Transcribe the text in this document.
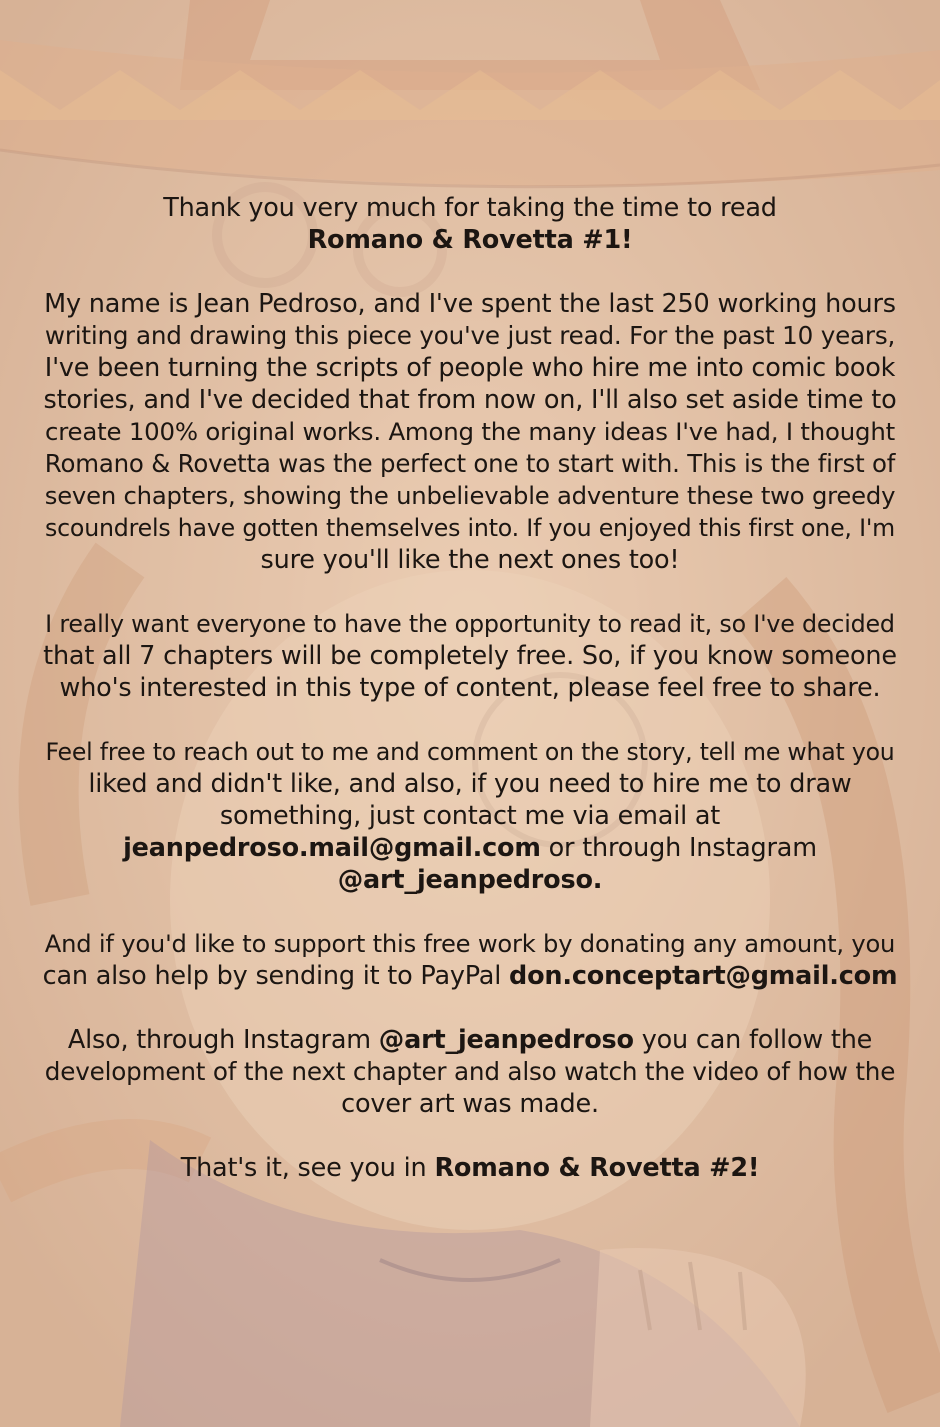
Thank you very much for taking the time to read
Romano & Rovetta #1!

My name is Jean Pedroso, and I've spent the last 250 working hours
writing and drawing this piece you've just read. For the past 10 years,
I've been turning the scripts of people who hire me into comic book
stories, and I've decided that from now on, I'll also set aside time to
create 100% original works. Among the many ideas I've had, I thought
Romano & Rovetta was the perfect one to start with. This is the first of
seven chapters, showing the unbelievable adventure these two greedy
scoundrels have gotten themselves into. If you enjoyed this first one, I'm
sure you'll like the next ones too!

I really want everyone to have the opportunity to read it, so I've decided
that all 7 chapters will be completely free. So, if you know someone
who's interested in this type of content, please feel free to share.

Feel free to reach out to me and comment on the story, tell me what you
liked and didn't like, and also, if you need to hire me to draw
something, just contact me via email at
jeanpedroso.mail@gmail.com or through Instagram
@art_jeanpedroso.

And if you'd like to support this free work by donating any amount, you
can also help by sending it to PayPal don.conceptart@gmail.com

Also, through Instagram @art_jeanpedroso you can follow the
development of the next chapter and also watch the video of how the
cover art was made.

That's it, see you in Romano & Rovetta #2!
